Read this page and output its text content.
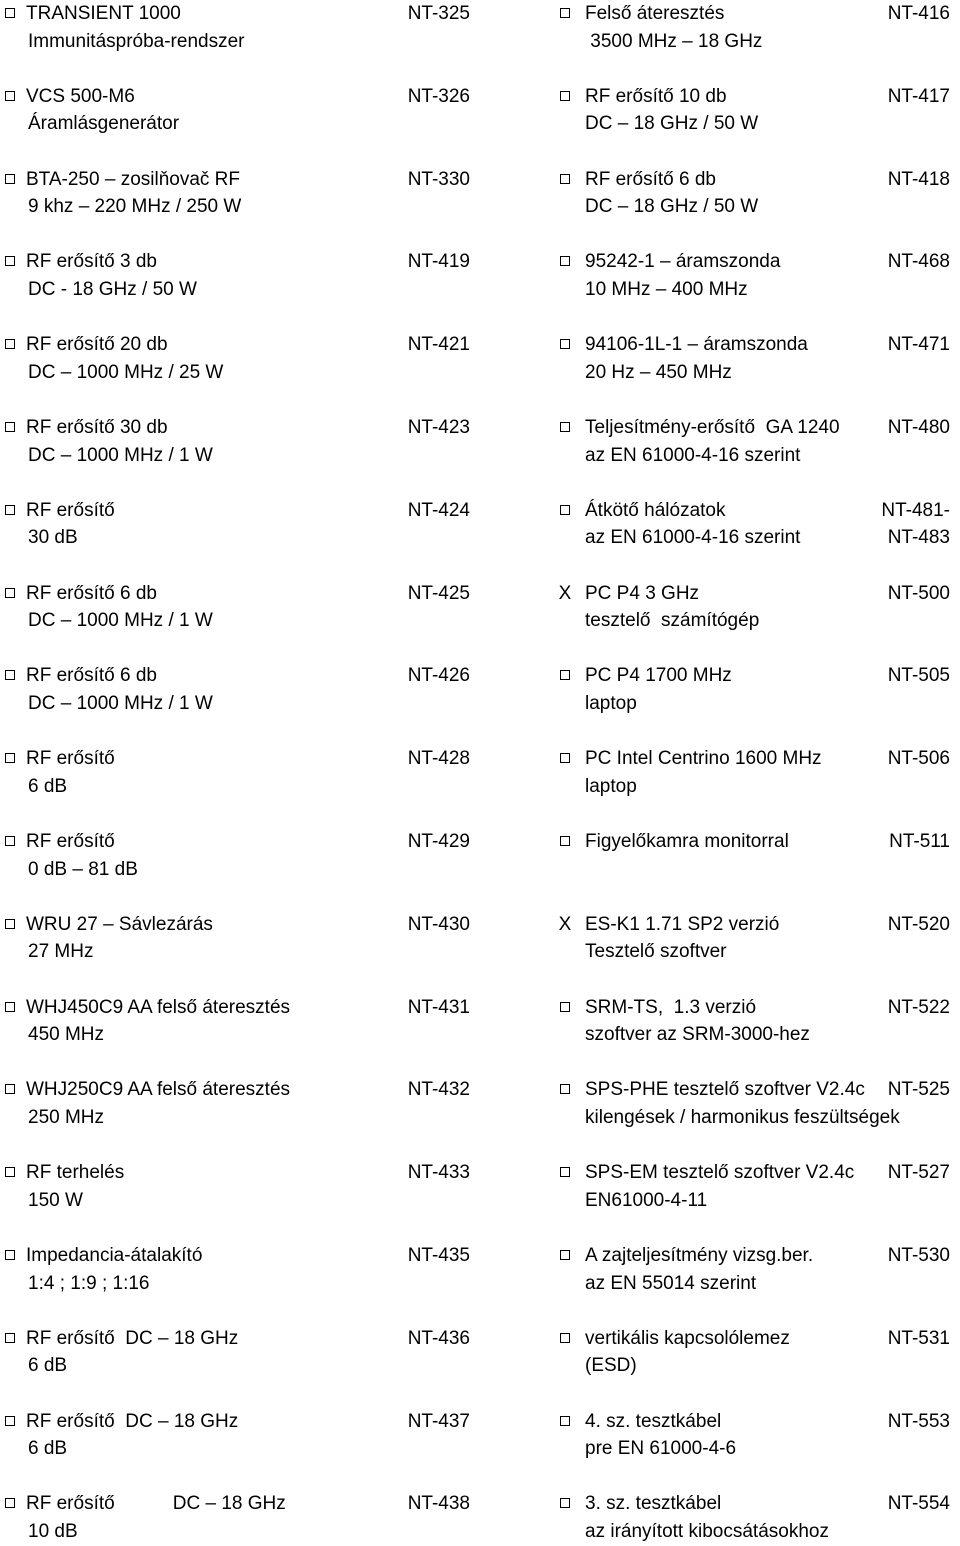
TRANSIENT 1000	NT-325
Immunitáspróba-rendszer
VCS 500-M6	NT-326
Áramlásgenerátor
BTA-250 – zosilňovač RF	NT-330
9 khz – 220 MHz / 250 W
RF erősítő 3 db	NT-419
DC - 18 GHz / 50 W
RF erősítő 20 db	NT-421
DC – 1000 MHz / 25 W
RF erősítő 30 db	NT-423
DC – 1000 MHz / 1 W
RF erősítő	NT-424
30 dB
RF erősítő 6 db	NT-425
DC – 1000 MHz / 1 W
RF erősítő 6 db	NT-426
DC – 1000 MHz / 1 W
RF erősítő	NT-428
6 dB
RF erősítő	NT-429
0 dB – 81 dB
WRU 27 – Sávlezárás	NT-430
27 MHz
WHJ450C9 AA felső áteresztés	NT-431
450 MHz
WHJ250C9 AA felső áteresztés	NT-432
250 MHz
RF terhelés	NT-433
150 W
Impedancia-átalakító	NT-435
1:4 ; 1:9 ; 1:16
RF erősítő  DC – 18 GHz	NT-436
6 dB
RF erősítő  DC – 18 GHz	NT-437
6 dB
RF erősítő           DC – 18 GHz	NT-438
10 dB
Felső áteresztés	NT-416
3500 MHz – 18 GHz
RF erősítő 10 db	NT-417
DC – 18 GHz / 50 W
RF erősítő 6 db	NT-418
DC – 18 GHz / 50 W
95242-1 – áramszonda	NT-468
10 MHz – 400 MHz
94106-1L-1 – áramszonda	NT-471
20 Hz – 450 MHz
Teljesítmény-erősítő  GA 1240	NT-480
az EN 61000-4-16 szerint
Átkötő hálózatok	NT-481-
az EN 61000-4-16 szerint	NT-483
X PC P4 3 GHz	NT-500
tesztelő  számítógép
PC P4 1700 MHz	NT-505
laptop
PC Intel Centrino 1600 MHz	NT-506
laptop
Figyelőkamra monitorral	NT-511
X ES-K1 1.71 SP2 verzió	NT-520
Tesztelő szoftver
SRM-TS,  1.3 verzió	NT-522
szoftver az SRM-3000-hez
SPS-PHE tesztelő szoftver V2.4c NT-525
kilengések / harmonikus feszültségek
SPS-EM tesztelő szoftver V2.4c NT-527
EN61000-4-11
A zajteljesítmény vizsg.ber.	NT-530
az EN 55014 szerint
vertikális kapcsolólemez	NT-531
(ESD)
4. sz. tesztkábel	NT-553
pre EN 61000-4-6
3. sz. tesztkábel	NT-554
az irányított kibocsátásokhoz
